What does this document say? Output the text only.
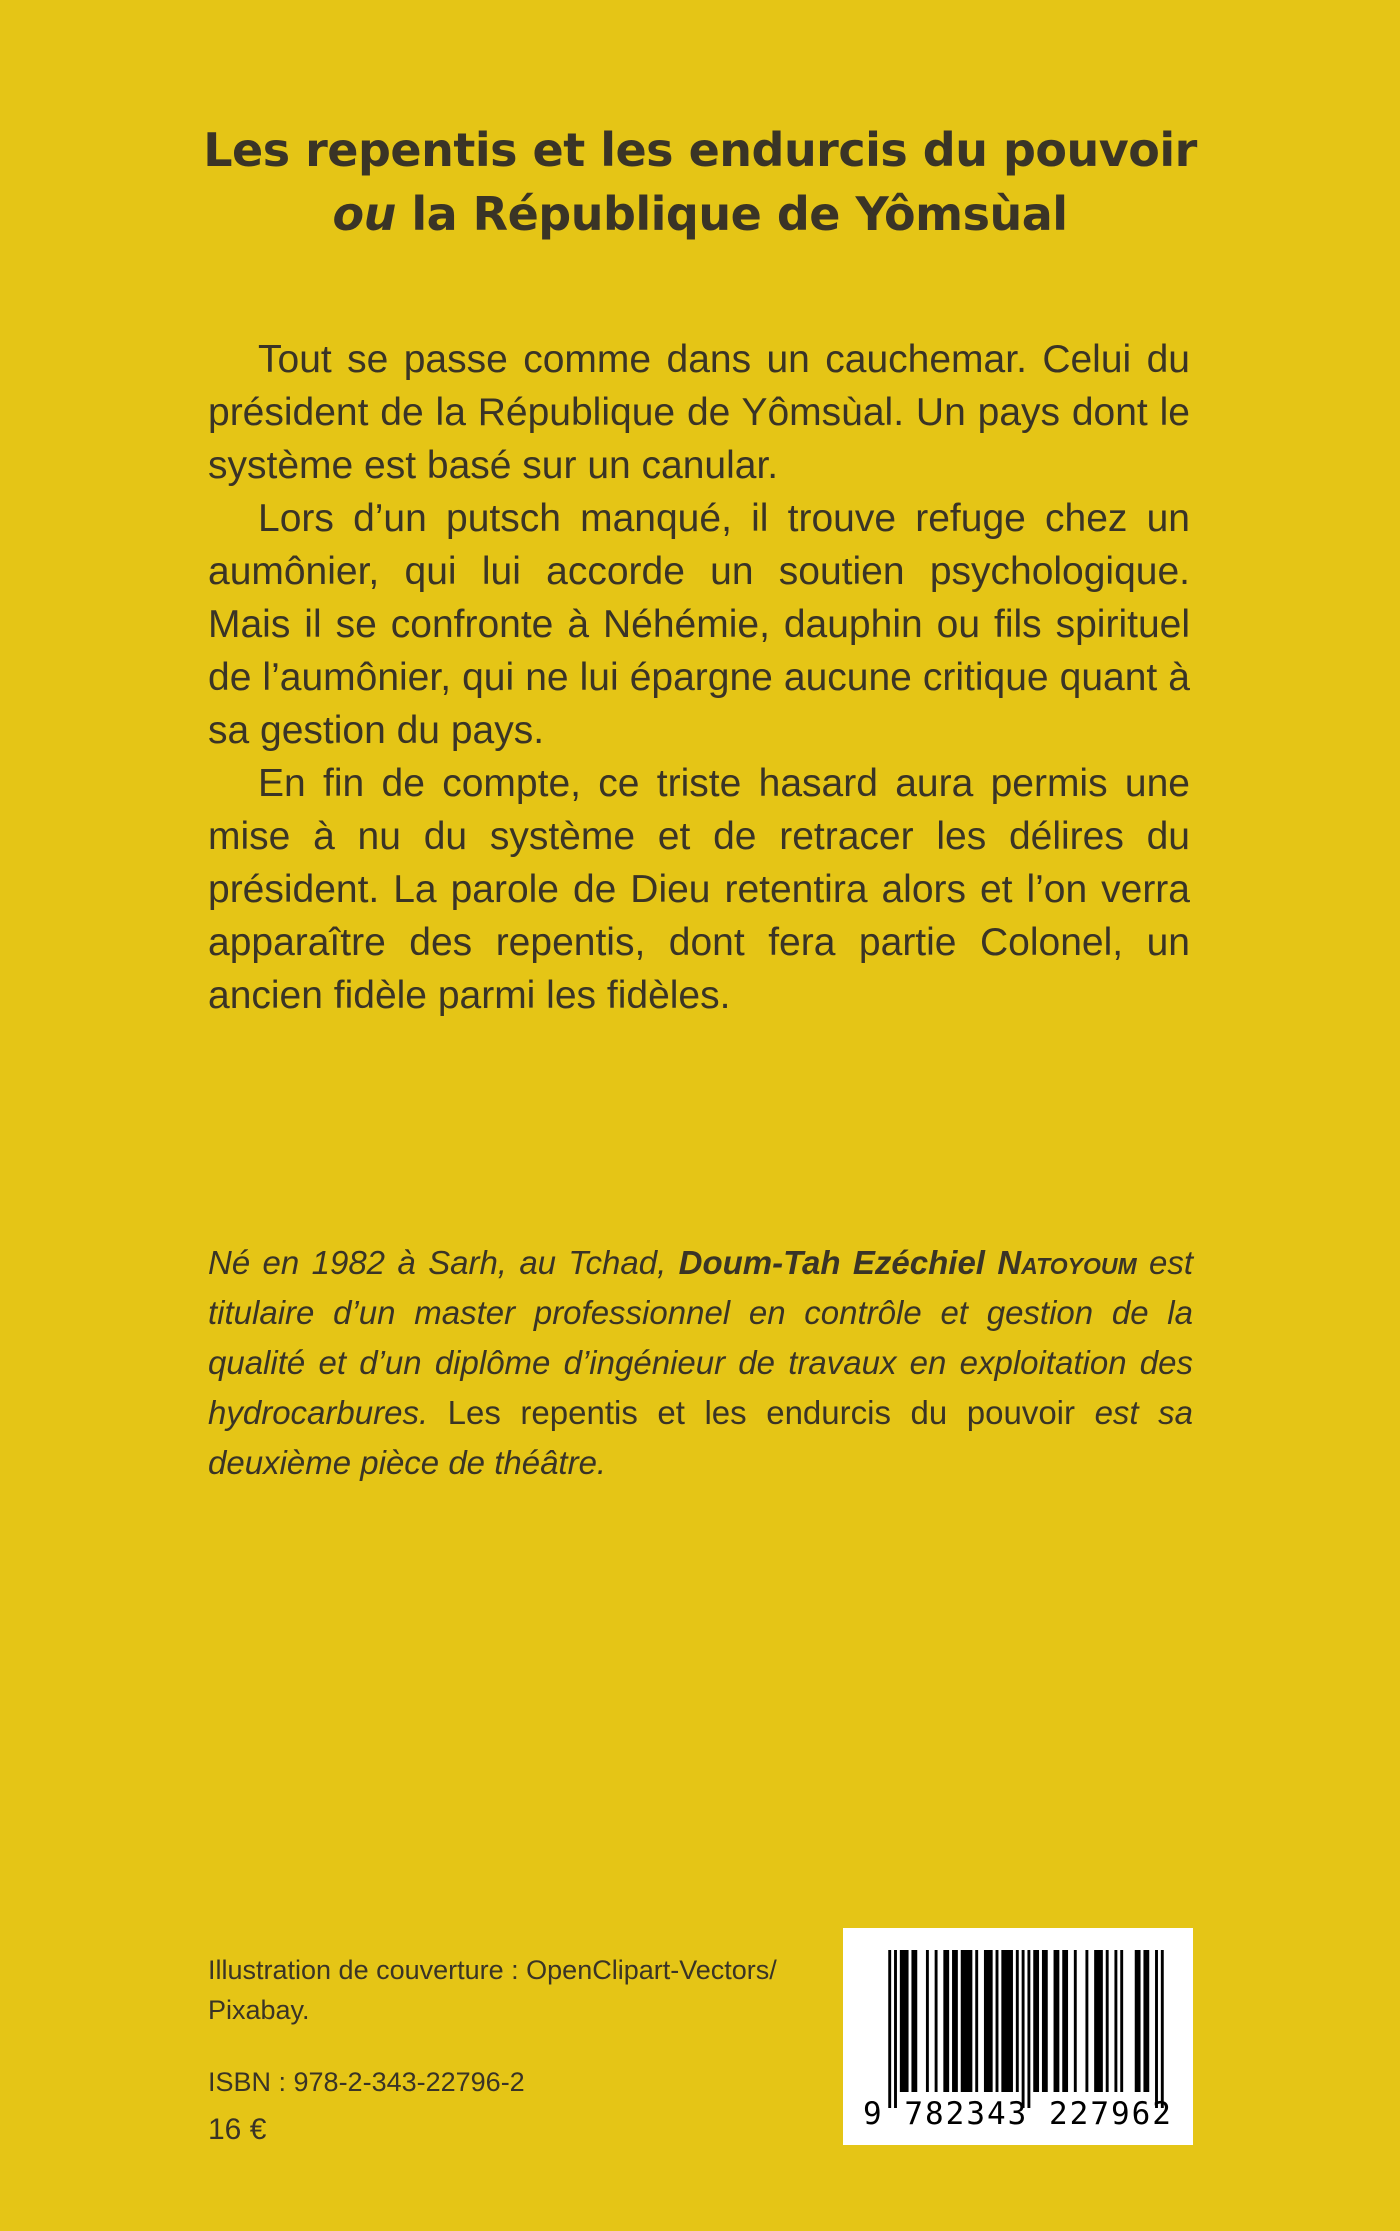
Les repentis et les endurcis du pouvoir
ou la République de Yômsùal

Tout se passe comme dans un cauchemar. Celui du président de la République de Yômsùal. Un pays dont le système est basé sur un canular.

Lors d’un putsch manqué, il trouve refuge chez un aumônier, qui lui accorde un soutien psychologique. Mais il se confronte à Néhémie, dauphin ou fils spirituel de l’aumônier, qui ne lui épargne aucune critique quant à sa gestion du pays.

En fin de compte, ce triste hasard aura permis une mise à nu du système et de retracer les délires du président. La parole de Dieu retentira alors et l’on verra apparaître des repentis, dont fera partie Colonel, un ancien fidèle parmi les fidèles.

Né en 1982 à Sarh, au Tchad, Doum-Tah Ezéchiel Natoyoum est titulaire d’un master professionnel en contrôle et gestion de la qualité et d’un diplôme d’ingénieur de travaux en exploitation des hydrocarbures. Les repentis et les endurcis du pouvoir est sa deuxième pièce de théâtre.
Illustration de couverture : OpenClipart-Vectors/ Pixabay.
ISBN : 978-2-343-22796-2
16 €	9 782343 227962
